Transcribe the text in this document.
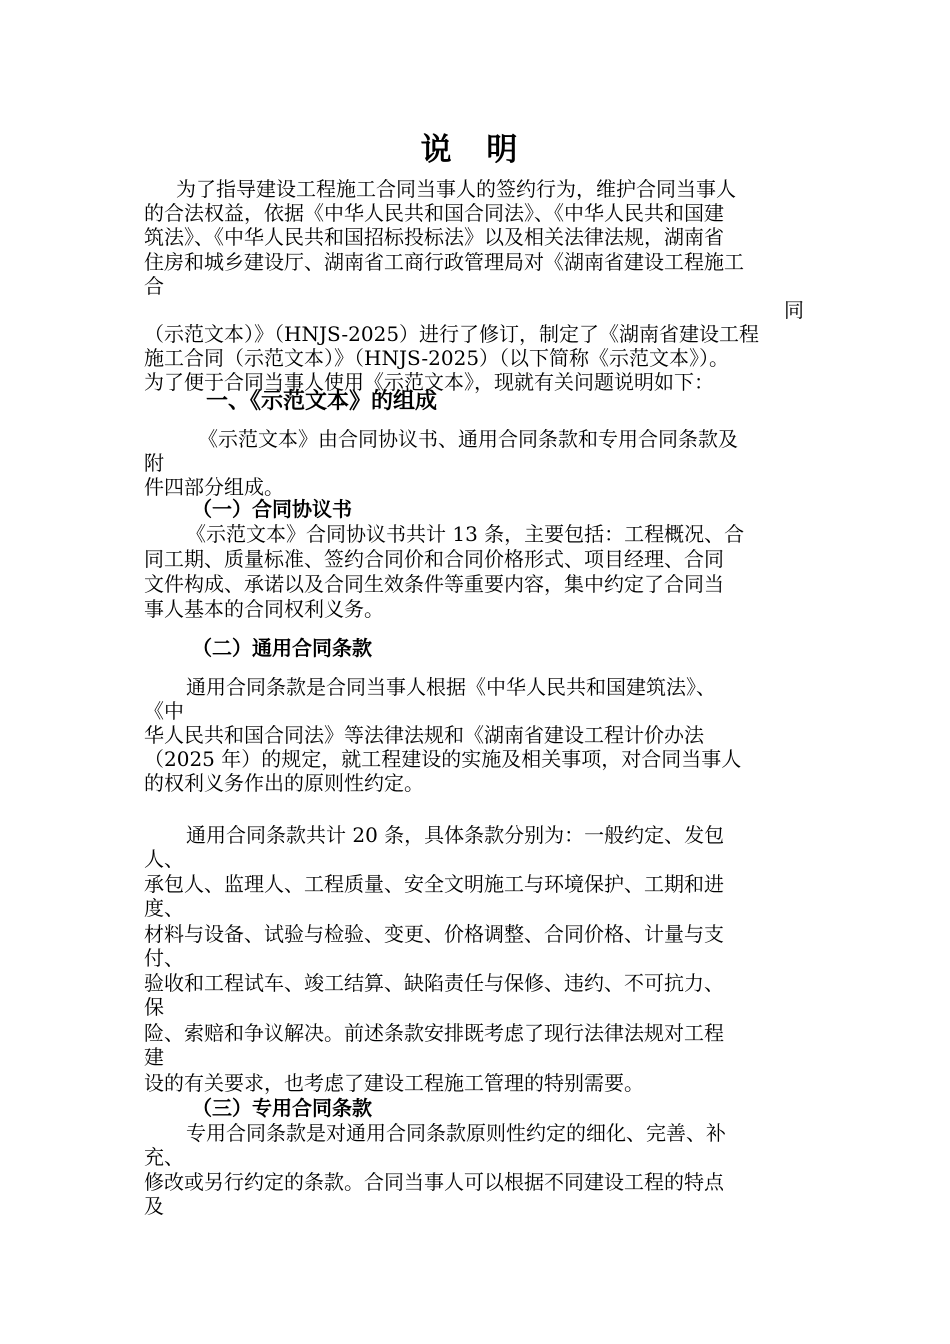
说 明

为了指导建设工程施工合同当事人的签约行为，维护合同当事人

的合法权益，依据《中华人民共和国合同法》、《中华人民共和国建

筑法》、《中华人民共和国招标投标法》以及相关法律法规，湖南省

住房和城乡建设厅、湖南省工商行政管理局对《湖南省建设工程施工

合

同

（示范文本）》（HNJS-2025）进行了修订，制定了《湖南省建设工程

施工合同（示范文本）》（HNJS-2025）（以下简称《示范文本》）。

为了便于合同当事人使用《示范文本》，现就有关问题说明如下：

一、《示范文本》的组成

《示范文本》由合同协议书、通用合同条款和专用合同条款及

附

件四部分组成。

（一）合同协议书

《示范文本》合同协议书共计 13 条，主要包括：工程概况、合

同工期、质量标准、签约合同价和合同价格形式、项目经理、合同

文件构成、承诺以及合同生效条件等重要内容，集中约定了合同当

事人基本的合同权利义务。

（二）通用合同条款

通用合同条款是合同当事人根据《中华人民共和国建筑法》、

《中

华人民共和国合同法》等法律法规和《湖南省建设工程计价办法

（2025 年）的规定，就工程建设的实施及相关事项，对合同当事人

的权利义务作出的原则性约定。

通用合同条款共计 20 条，具体条款分别为：一般约定、发包

人、

承包人、监理人、工程质量、安全文明施工与环境保护、工期和进

度、

材料与设备、试验与检验、变更、价格调整、合同价格、计量与支

付、

验收和工程试车、竣工结算、缺陷责任与保修、违约、不可抗力、

保

险、索赔和争议解决。前述条款安排既考虑了现行法律法规对工程

建

设的有关要求，也考虑了建设工程施工管理的特别需要。

（三）专用合同条款

专用合同条款是对通用合同条款原则性约定的细化、完善、补

充、

修改或另行约定的条款。合同当事人可以根据不同建设工程的特点

及
